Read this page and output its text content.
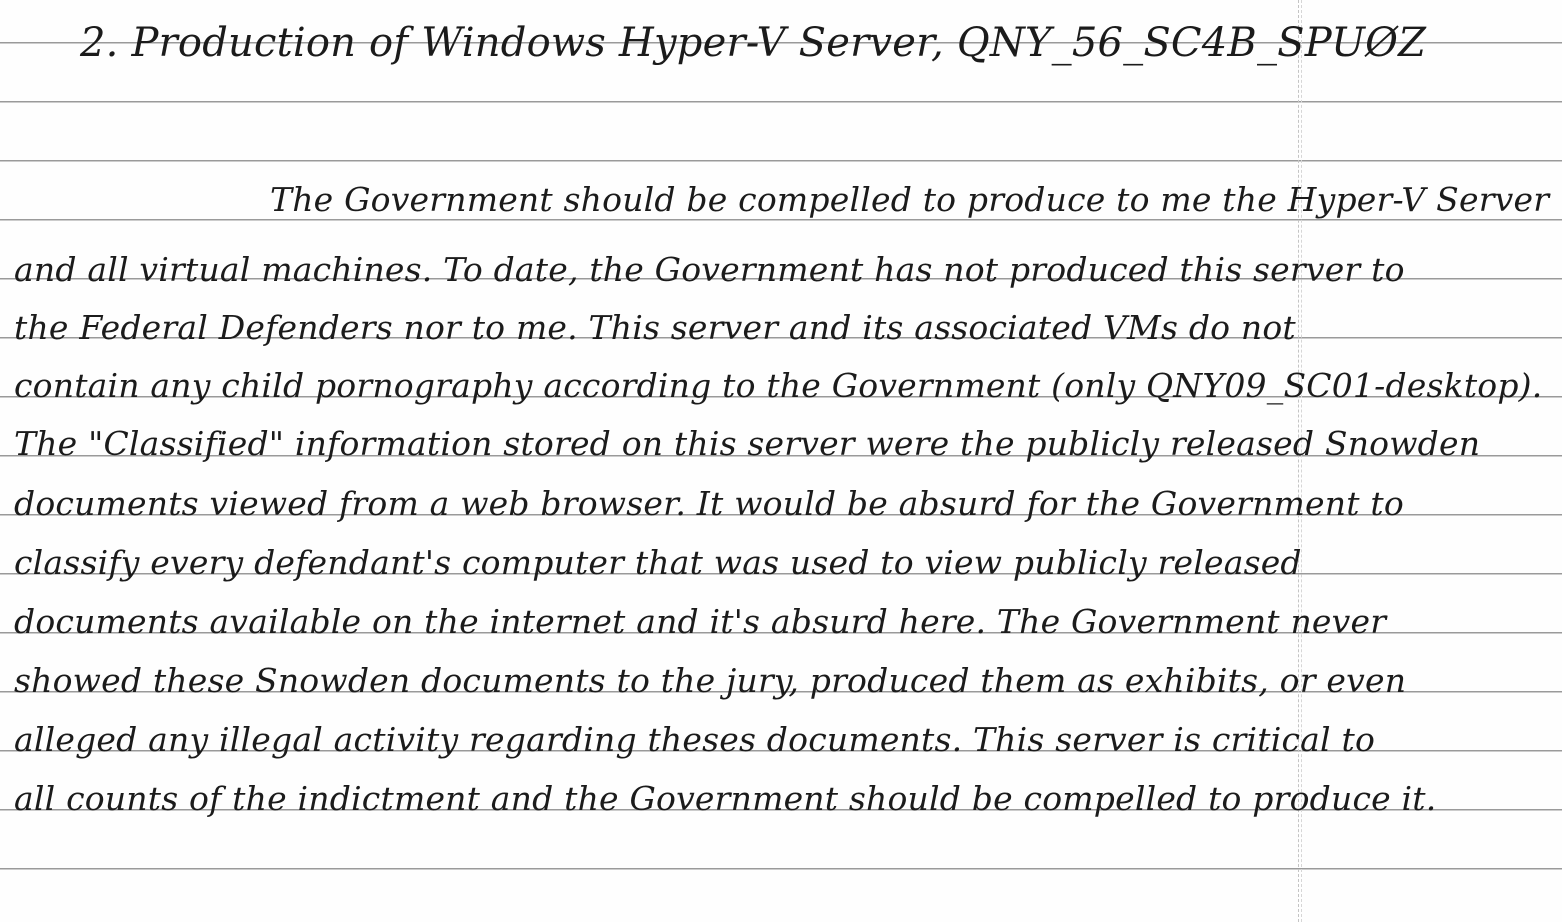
2. Production of Windows Hyper-V Server, QNY_56_SC4B_SPUØZ
The Government should be compelled to produce to me the Hyper-V Server
and all virtual machines. To date, the Government has not produced this server to
the Federal Defenders nor to me. This server and its associated VMs do not
contain any child pornography according to the Government (only QNY09_SC01-desktop).
The "Classified" information stored on this server were the publicly released Snowden
documents viewed from a web browser. It would be absurd for the Government to
classify every defendant's computer that was used to view publicly released
documents available on the internet and it's absurd here. The Government never
showed these Snowden documents to the jury, produced them as exhibits, or even
alleged any illegal activity regarding theses documents. This server is critical to
all counts of the indictment and the Government should be compelled to produce it.
